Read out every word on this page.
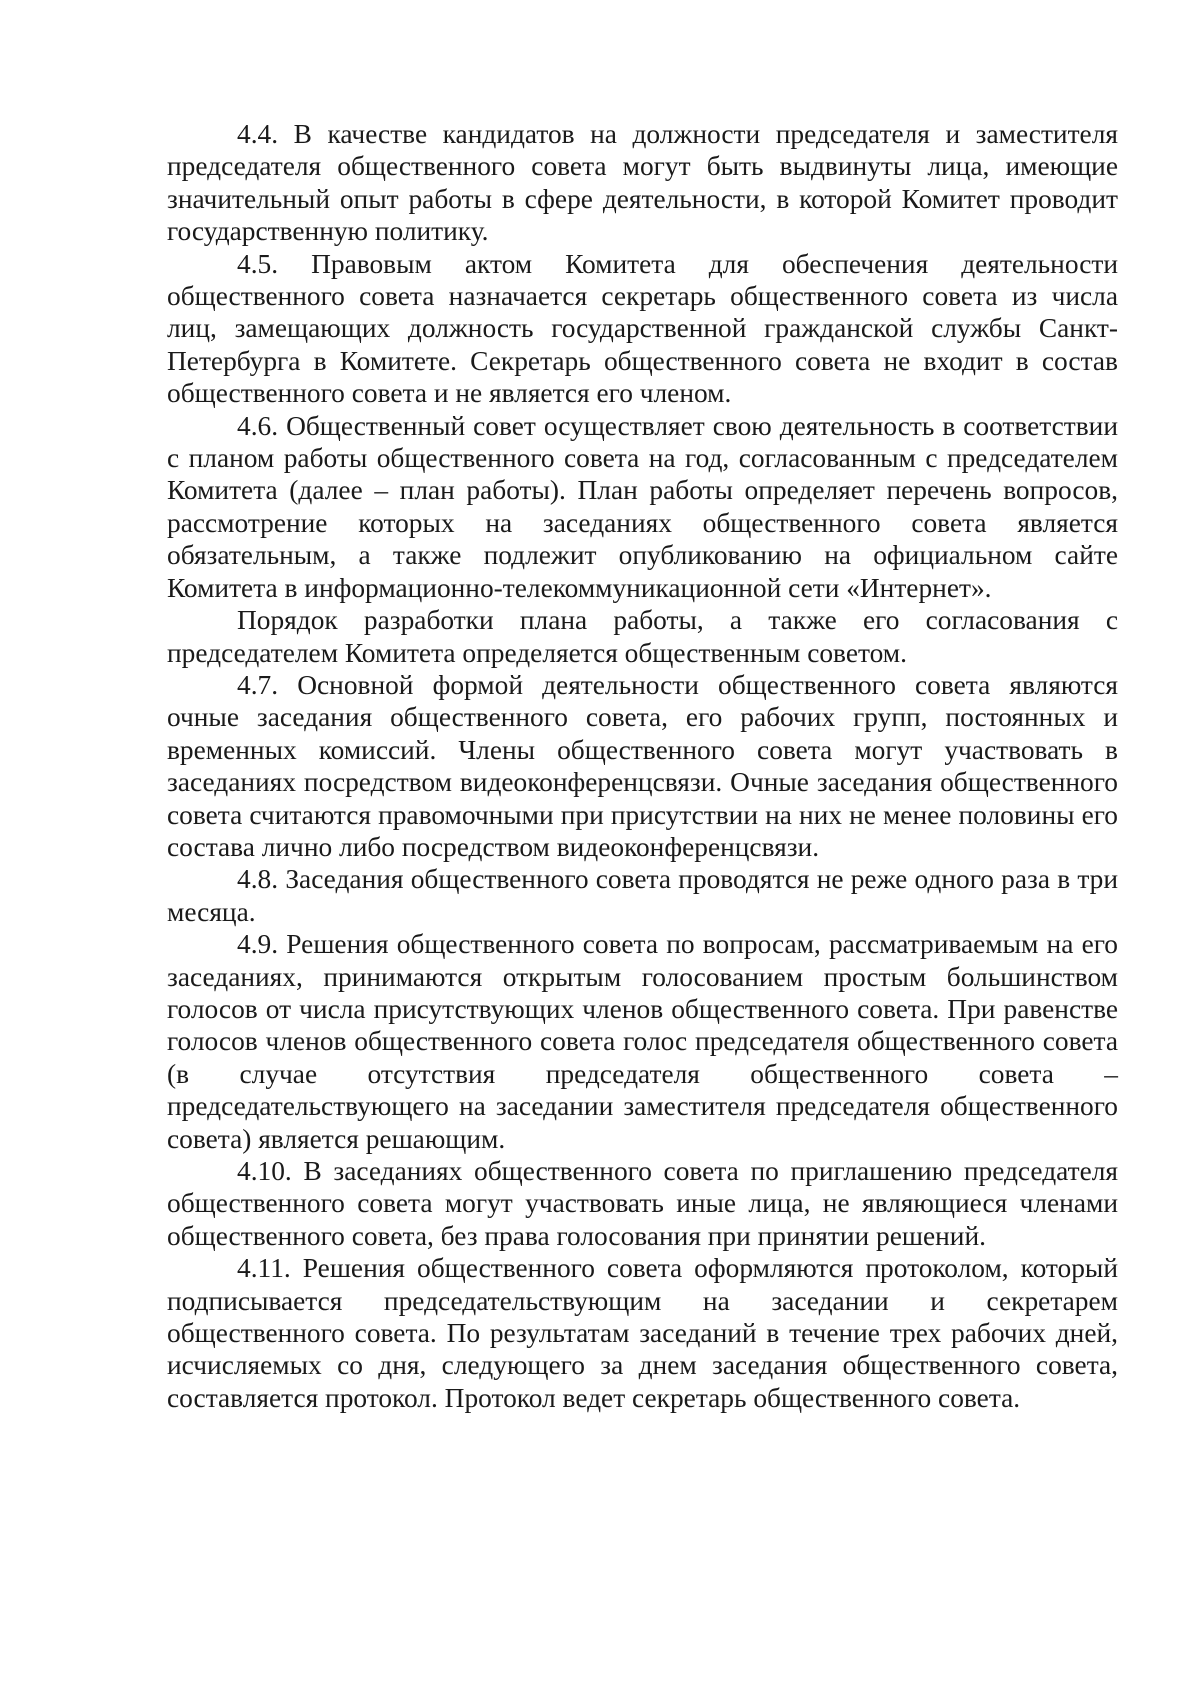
4.4. В качестве кандидатов на должности председателя и заместителя председателя общественного совета могут быть выдвинуты лица, имеющие значительный опыт работы в сфере деятельности, в которой Комитет проводит государственную политику.

4.5. Правовым актом Комитета для обеспечения деятельности общественного совета назначается секретарь общественного совета из числа лиц, замещающих должность государственной гражданской службы Санкт-Петербурга в Комитете. Секретарь общественного совета не входит в состав общественного совета и не является его членом.

4.6. Общественный совет осуществляет свою деятельность в соответствии с планом работы общественного совета на год, согласованным с председателем Комитета (далее – план работы). План работы определяет перечень вопросов, рассмотрение которых на заседаниях общественного совета является обязательным, а также подлежит опубликованию на официальном сайте Комитета в информационно-телекоммуникационной сети «Интернет».

Порядок разработки плана работы, а также его согласования с председателем Комитета определяется общественным советом.

4.7. Основной формой деятельности общественного совета являются очные заседания общественного совета, его рабочих групп, постоянных и временных комиссий. Члены общественного совета могут участвовать в заседаниях посредством видеоконференцсвязи. Очные заседания общественного совета считаются правомочными при присутствии на них не менее половины его состава лично либо посредством видеоконференцсвязи.

4.8. Заседания общественного совета проводятся не реже одного раза в три месяца.

4.9. Решения общественного совета по вопросам, рассматриваемым на его заседаниях, принимаются открытым голосованием простым большинством голосов от числа присутствующих членов общественного совета. При равенстве голосов членов общественного совета голос председателя общественного совета (в случае отсутствия председателя общественного совета – председательствующего на заседании заместителя председателя общественного совета) является решающим.

4.10. В заседаниях общественного совета по приглашению председателя общественного совета могут участвовать иные лица, не являющиеся членами общественного совета, без права голосования при принятии решений.

4.11. Решения общественного совета оформляются протоколом, который подписывается председательствующим на заседании и секретарем общественного совета. По результатам заседаний в течение трех рабочих дней, исчисляемых со дня, следующего за днем заседания общественного совета, составляется протокол. Протокол ведет секретарь общественного совета.
